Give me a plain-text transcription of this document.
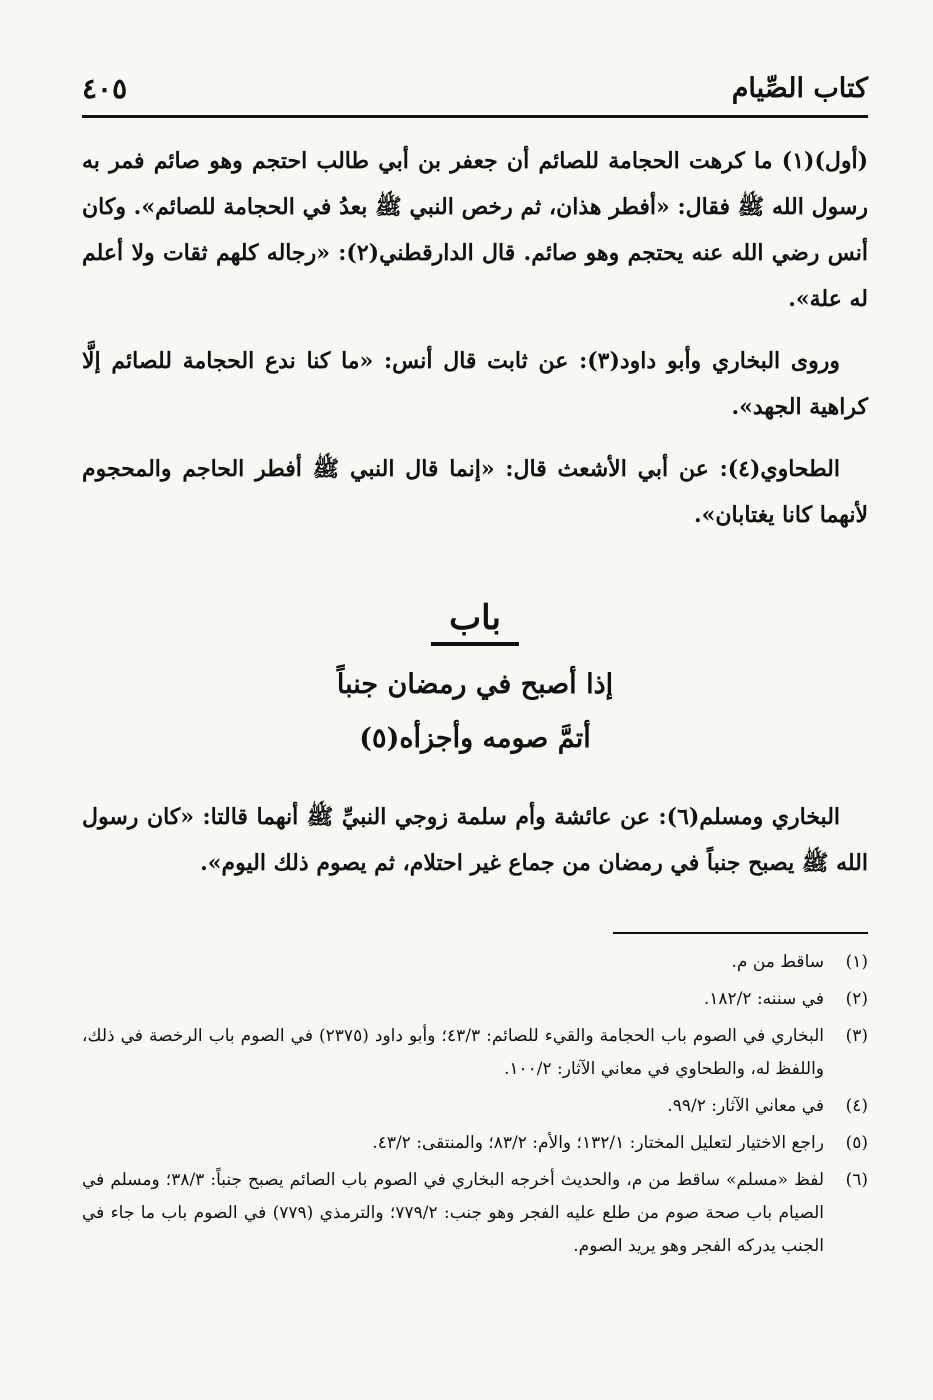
كتاب الصِّيام
٤٠٥

(أول)(١) ما كرهت الحجامة للصائم أن جعفر بن أبي طالب احتجم وهو صائم فمر به رسول الله ﷺ فقال: «أفطر هذان، ثم رخص النبي ﷺ بعدُ في الحجامة للصائم». وكان أنس رضي الله عنه يحتجم وهو صائم. قال الدارقطني(٢): «رجاله كلهم ثقات ولا أعلم له علة».

وروى البخاري وأبو داود(٣): عن ثابت قال أنس: «ما كنا ندع الحجامة للصائم إلَّا كراهية الجهد».

الطحاوي(٤): عن أبي الأشعث قال: «إنما قال النبي ﷺ أفطر الحاجم والمحجوم لأنهما كانا يغتابان».

باب
إذا أصبح في رمضان جنباً
أتمَّ صومه وأجزأه(٥)

البخاري ومسلم(٦): عن عائشة وأم سلمة زوجي النبيِّ ﷺ أنهما قالتا: «كان رسول الله ﷺ يصبح جنباً في رمضان من جماع غير احتلام، ثم يصوم ذلك اليوم».

(١)
ساقط من م.
(٢)
في سننه: ١٨٢/٢.
(٣)
البخاري في الصوم باب الحجامة والقيء للصائم: ٤٣/٣؛ وأبو داود (٢٣٧٥) في الصوم باب الرخصة في ذلك، واللفظ له، والطحاوي في معاني الآثار: ١٠٠/٢.
(٤)
في معاني الآثار: ٩٩/٢.
(٥)
راجع الاختيار لتعليل المختار: ١٣٢/١؛ والأم: ٨٣/٢؛ والمنتقى: ٤٣/٢.
(٦)
لفظ «مسلم» ساقط من م، والحديث أخرجه البخاري في الصوم باب الصائم يصبح جنباً: ٣٨/٣؛ ومسلم في الصيام باب صحة صوم من طلع عليه الفجر وهو جنب: ٧٧٩/٢؛ والترمذي (٧٧٩) في الصوم باب ما جاء في الجنب يدركه الفجر وهو يريد الصوم.
